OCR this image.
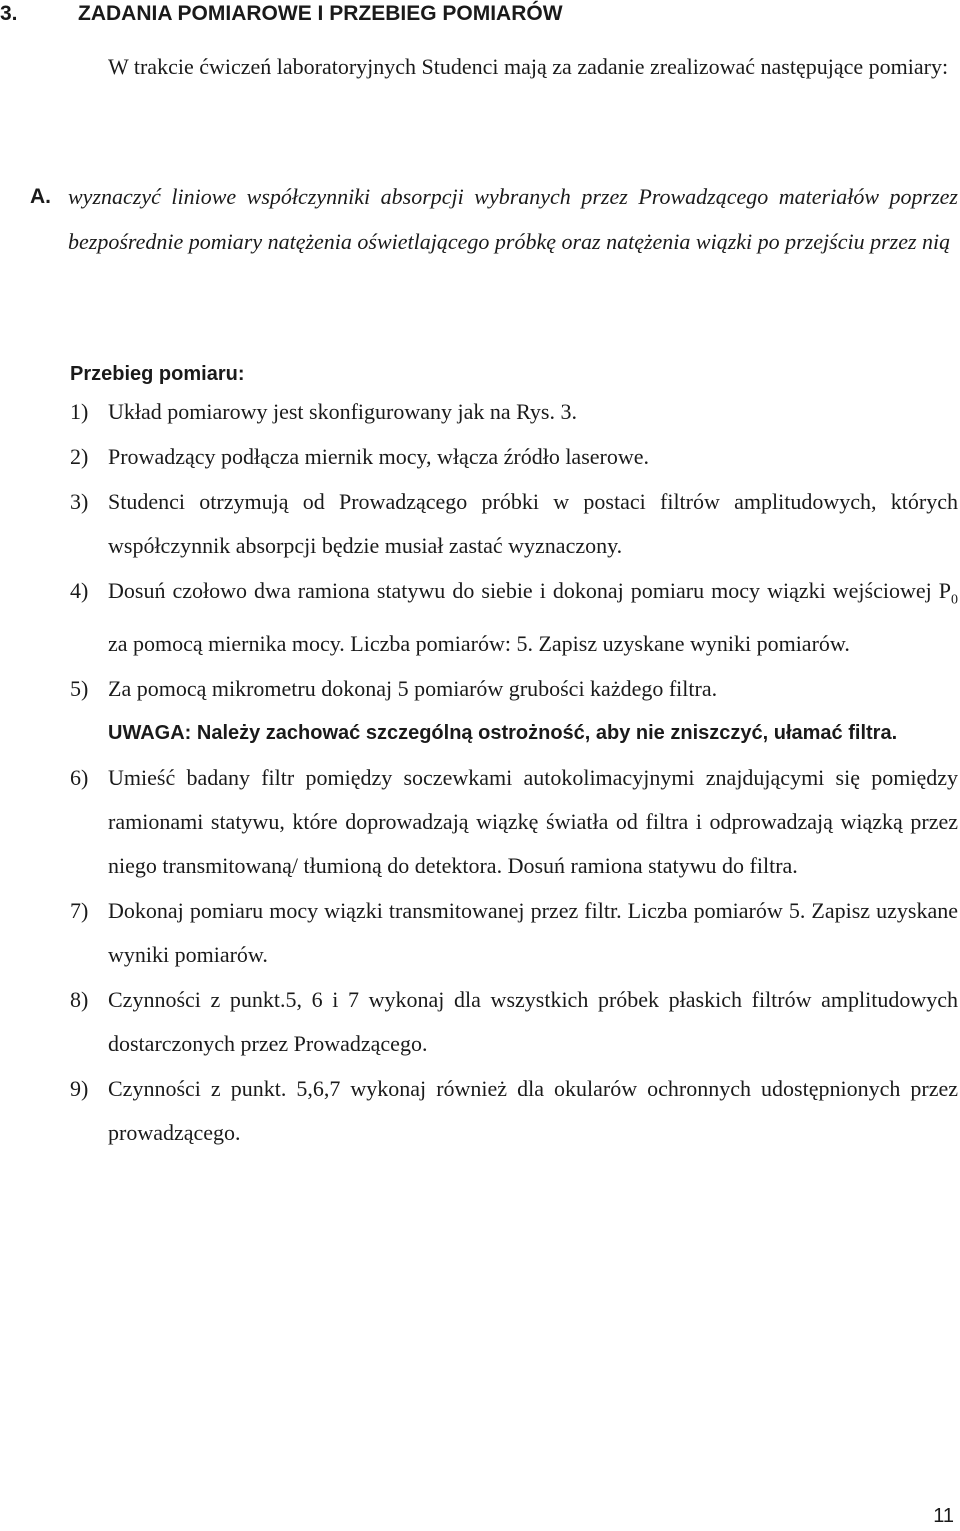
3.	ZADANIA POMIAROWE I PRZEBIEG POMIARÓW
W trakcie ćwiczeń laboratoryjnych Studenci mają za zadanie zrealizować następujące pomiary:
A. wyznaczyć liniowe współczynniki absorpcji wybranych przez Prowadzącego materiałów poprzez bezpośrednie pomiary natężenia oświetlającego próbkę oraz natężenia wiązki po przejściu przez nią
Przebieg pomiaru:
1) Układ pomiarowy jest skonfigurowany jak na Rys. 3.
2) Prowadzący podłącza miernik mocy, włącza źródło laserowe.
3) Studenci otrzymują od Prowadzącego próbki w postaci filtrów amplitudowych, których współczynnik absorpcji będzie musiał zastać wyznaczony.
4) Dosuń czołowo dwa ramiona statywu do siebie i dokonaj pomiaru mocy wiązki wejściowej $P_0$ za pomocą miernika mocy. Liczba pomiarów: 5. Zapisz uzyskane wyniki pomiarów.
5) Za pomocą mikrometru dokonaj 5 pomiarów grubości każdego filtra.
UWAGA: Należy zachować szczególną ostrożność, aby nie zniszczyć, ułamać filtra.
6) Umieść badany filtr pomiędzy soczewkami autokolimacyjnymi znajdującymi się pomiędzy ramionami statywu, które doprowadzają wiązkę światła od filtra i odprowadzają wiązką przez niego transmitowaną/ tłumioną do detektora. Dosuń ramiona statywu do filtra.
7) Dokonaj pomiaru mocy wiązki transmitowanej przez filtr. Liczba pomiarów 5. Zapisz uzyskane wyniki pomiarów.
8) Czynności z punkt.5, 6 i 7 wykonaj dla wszystkich próbek płaskich filtrów amplitudowych dostarczonych przez Prowadzącego.
9) Czynności z punkt. 5,6,7 wykonaj również dla okularów ochronnych udostępnionych przez prowadzącego.
11
